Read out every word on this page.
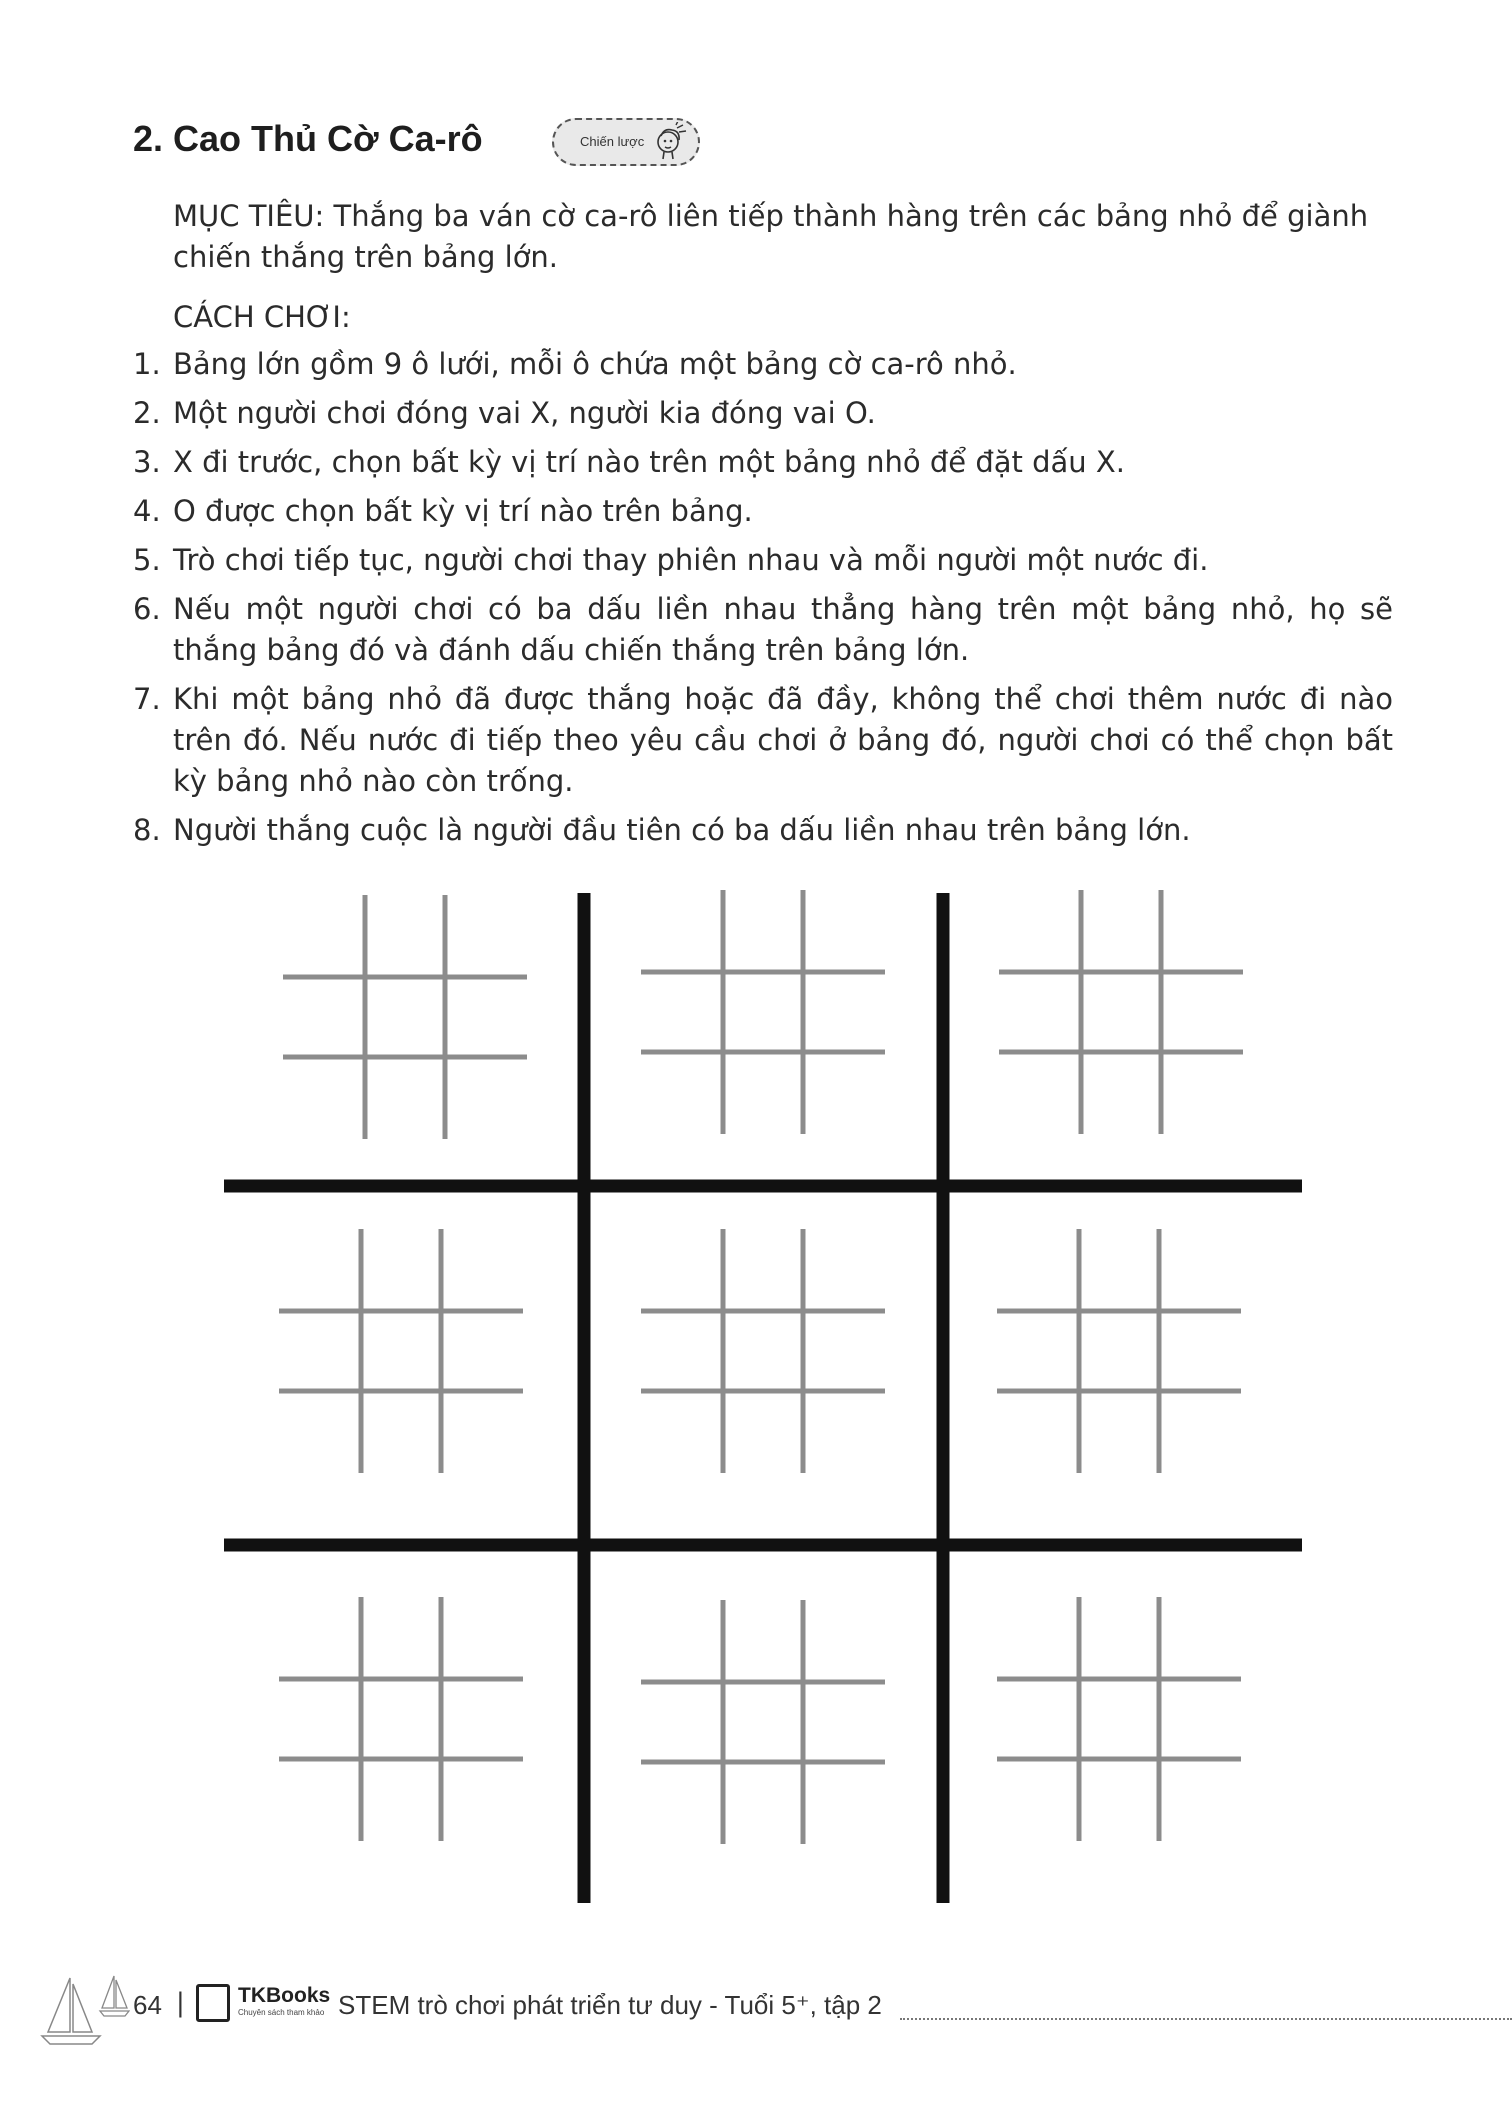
2. Cao Thủ Cờ Ca-rô	Chiến lược

MỤC TIÊU: Thắng ba ván cờ ca-rô liên tiếp thành hàng trên các bảng nhỏ để giành chiến thắng trên bảng lớn.

CÁCH CHƠI:

1. Bảng lớn gồm 9 ô lưới, mỗi ô chứa một bảng cờ ca-rô nhỏ.
2. Một người chơi đóng vai X, người kia đóng vai O.
3. X đi trước, chọn bất kỳ vị trí nào trên một bảng nhỏ để đặt dấu X.
4. O được chọn bất kỳ vị trí nào trên bảng.
5. Trò chơi tiếp tục, người chơi thay phiên nhau và mỗi người một nước đi.
6. Nếu một người chơi có ba dấu liền nhau thẳng hàng trên một bảng nhỏ, họ sẽ thắng bảng đó và đánh dấu chiến thắng trên bảng lớn.
7. Khi một bảng nhỏ đã được thắng hoặc đã đầy, không thể chơi thêm nước đi nào trên đó. Nếu nước đi tiếp theo yêu cầu chơi ở bảng đó, người chơi có thể chọn bất kỳ bảng nhỏ nào còn trống.
8. Người thắng cuộc là người đầu tiên có ba dấu liền nhau trên bảng lớn.
64 |	TKBooks
Chuyên sách tham khảo STEM trò chơi phát triển tư duy - Tuổi 5⁺, tập 2
